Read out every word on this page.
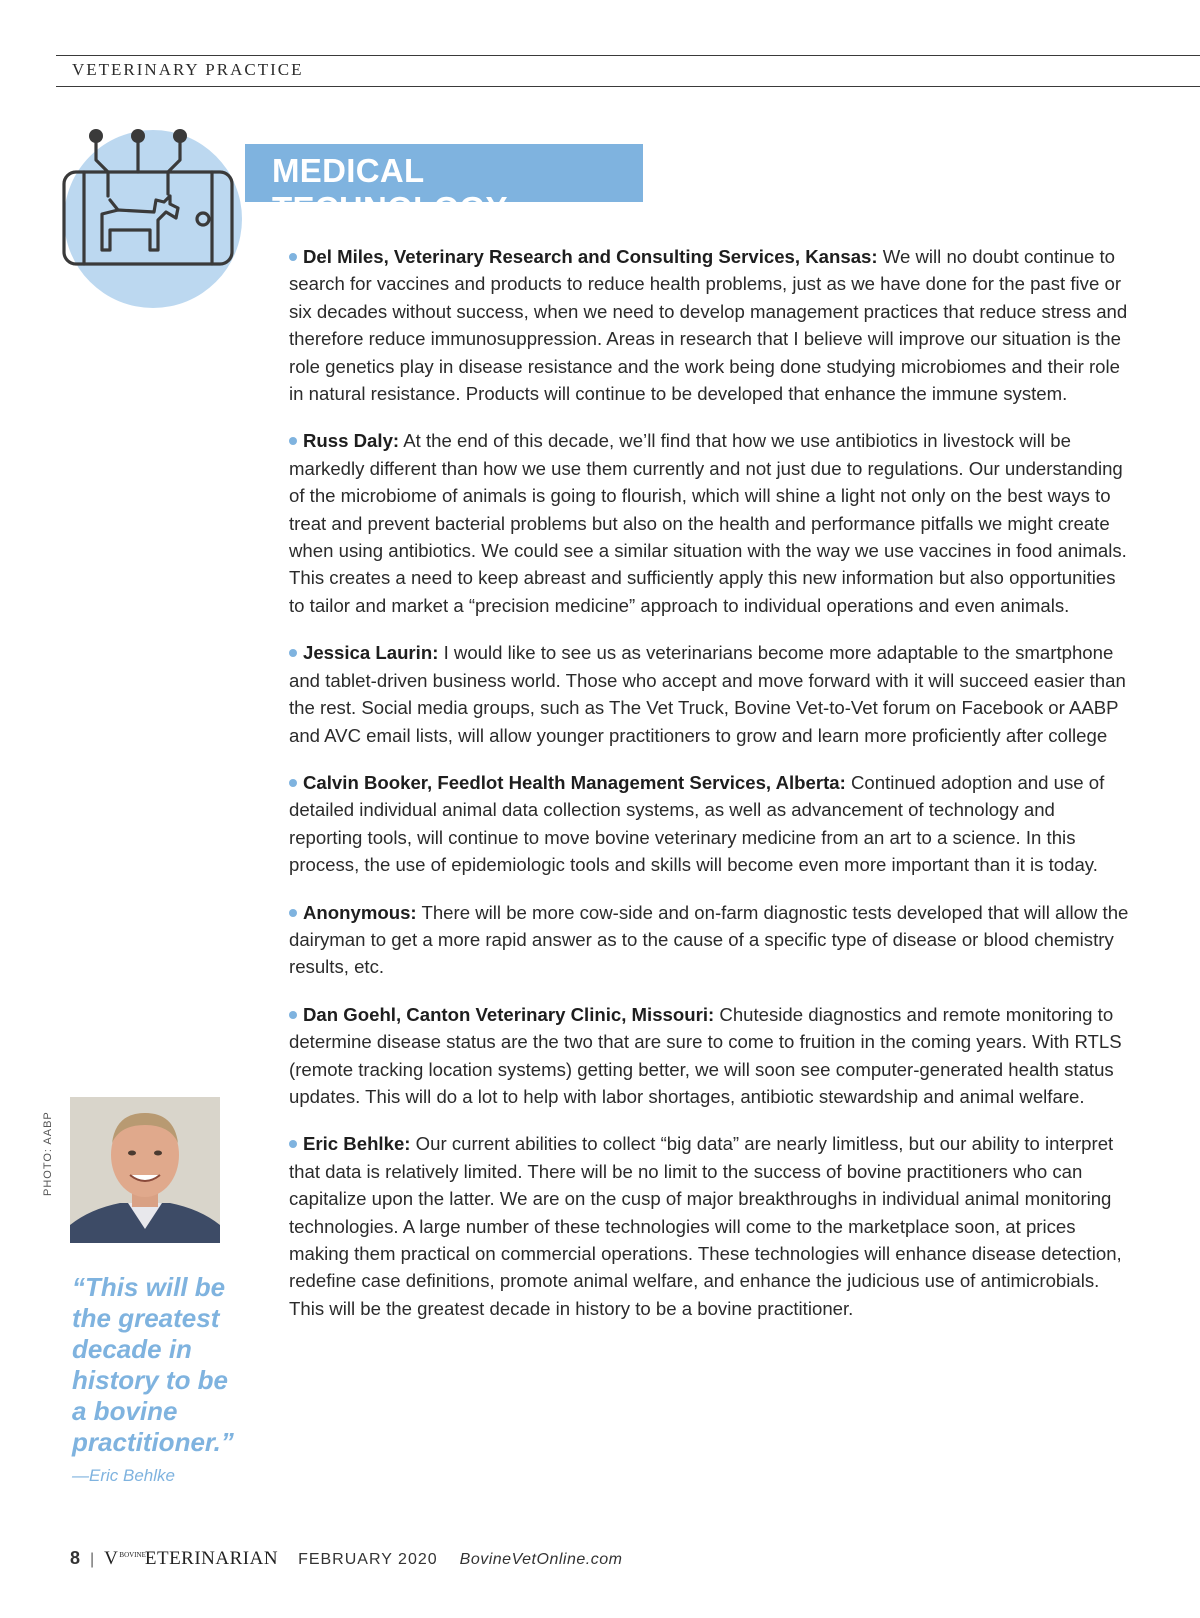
VETERINARY PRACTICE
MEDICAL TECHNOLOGY

Del Miles, Veterinary Research and Consulting Services, Kansas: We will no doubt continue to search for vaccines and products to reduce health problems, just as we have done for the past five or six decades without success, when we need to develop management practices that reduce stress and therefore reduce immunosuppression. Areas in research that I believe will improve our situation is the role genetics play in disease resistance and the work being done studying microbiomes and their role in natural resistance. Products will continue to be developed that enhance the immune system.

Russ Daly: At the end of this decade, we’ll find that how we use antibiotics in livestock will be markedly different than how we use them currently and not just due to regulations. Our understanding of the microbiome of animals is going to flourish, which will shine a light not only on the best ways to treat and prevent bacterial problems but also on the health and performance pitfalls we might create when using antibiotics. We could see a similar situation with the way we use vaccines in food animals. This creates a need to keep abreast and sufficiently apply this new information but also opportunities to tailor and market a “precision medicine” approach to individual operations and even animals.

Jessica Laurin: I would like to see us as veterinarians become more adaptable to the smartphone and tablet-driven business world. Those who accept and move forward with it will succeed easier than the rest. Social media groups, such as The Vet Truck, Bovine Vet-to-Vet forum on Facebook or AABP and AVC email lists, will allow younger practitioners to grow and learn more proficiently after college

Calvin Booker, Feedlot Health Management Services, Alberta: Continued adoption and use of detailed individual animal data collection systems, as well as advancement of technology and reporting tools, will continue to move bovine veterinary medicine from an art to a science. In this process, the use of epidemiologic tools and skills will become even more important than it is today.

Anonymous: There will be more cow-side and on-farm diagnostic tests developed that will allow the dairyman to get a more rapid answer as to the cause of a specific type of disease or blood chemistry results, etc.

Dan Goehl, Canton Veterinary Clinic, Missouri: Chuteside diagnostics and remote monitoring to determine disease status are the two that are sure to come to fruition in the coming years. With RTLS (remote tracking location systems) getting better, we will soon see computer-generated health status updates. This will do a lot to help with labor shortages, antibiotic stewardship and animal welfare.

Eric Behlke: Our current abilities to collect “big data” are nearly limitless, but our ability to interpret that data is relatively limited. There will be no limit to the success of bovine practitioners who can capitalize upon the latter. We are on the cusp of major breakthroughs in individual animal monitoring technologies. A large number of these technologies will come to the marketplace soon, at prices making them practical on commercial operations. These technologies will enhance disease detection, redefine case definitions, promote animal welfare, and enhance the judicious use of antimicrobials. This will be the greatest decade in history to be a bovine practitioner.

PHOTO: AABP
“This will be the greatest decade in history to be a bovine practitioner.”
—Eric Behlke
8 | $V^{BOVINE}ETERINARIAN$ FEBRUARY 2020 BovineVetOnline.com
